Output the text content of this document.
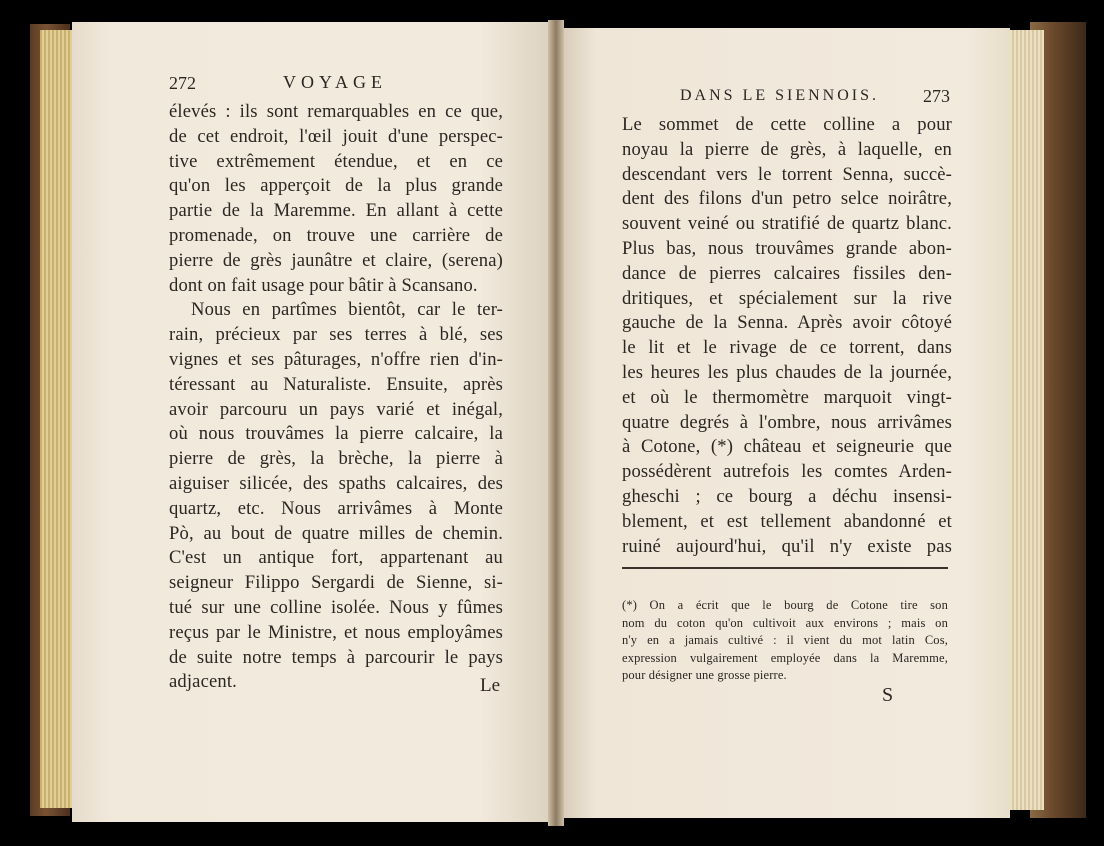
272	VOYAGE
DANS LE SIENNOIS. 273
élevés : ils sont remarquables en ce que,
de cet endroit, l'œil jouit d'une perspec-
tive extrêmement étendue, et en ce
qu'on les apperçoit de la plus grande
partie de la Maremme. En allant à cette
promenade, on trouve une carrière de
pierre de grès jaunâtre et claire, (serena)
dont on fait usage pour bâtir à Scansano.
Nous en partîmes bientôt, car le ter-
rain, précieux par ses terres à blé, ses
vignes et ses pâturages, n'offre rien d'in-
téressant au Naturaliste. Ensuite, après
avoir parcouru un pays varié et inégal,
où nous trouvâmes la pierre calcaire, la
pierre de grès, la brèche, la pierre à
aiguiser silicée, des spaths calcaires, des
quartz, etc. Nous arrivâmes à Monte
Pò, au bout de quatre milles de chemin.
C'est un antique fort, appartenant au
seigneur Filippo Sergardi de Sienne, si-
tué sur une colline isolée. Nous y fûmes
reçus par le Ministre, et nous employâmes
de suite notre temps à parcourir le pays
adjacent.	Le
Le sommet de cette colline a pour
noyau la pierre de grès, à laquelle, en
descendant vers le torrent Senna, succè-
dent des filons d'un petro selce noirâtre,
souvent veiné ou stratifié de quartz blanc.
Plus bas, nous trouvâmes grande abon-
dance de pierres calcaires fissiles den-
dritiques, et spécialement sur la rive
gauche de la Senna. Après avoir côtoyé
le lit et le rivage de ce torrent, dans
les heures les plus chaudes de la journée,
et où le thermomètre marquoit vingt-
quatre degrés à l'ombre, nous arrivâmes
à Cotone, (*) château et seigneurie que
possédèrent autrefois les comtes Arden-
gheschi ; ce bourg a déchu insensi-
blement, et est tellement abandonné et
ruiné aujourd'hui, qu'il n'y existe pas
(*) On a écrit que le bourg de Cotone tire son
nom du coton qu'on cultivoit aux environs ; mais on
n'y en a jamais cultivé : il vient du mot latin Cos,
expression vulgairement employée dans la Maremme,
pour désigner une grosse pierre.
S
